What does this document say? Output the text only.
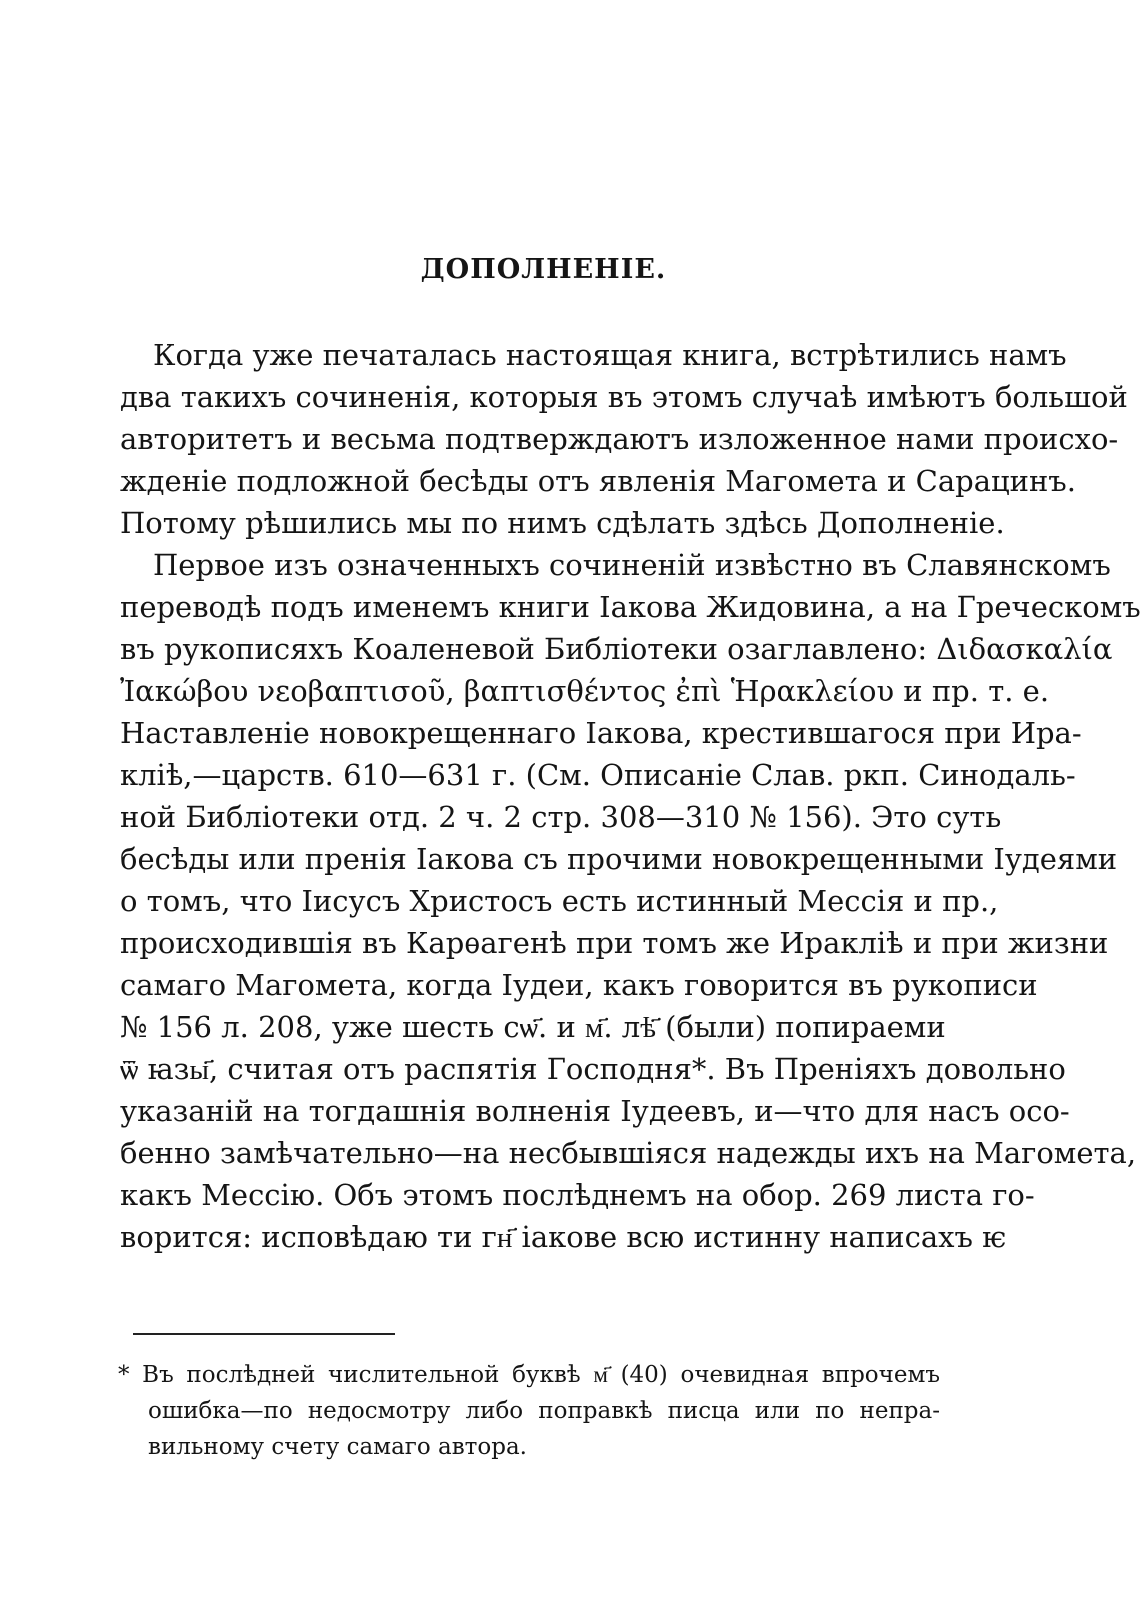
ДОПОЛНЕНІЕ.
Когда уже печаталась настоящая книга, встрѣтились намъ
два такихъ сочиненія, которыя въ этомъ случаѣ имѣютъ большой
авторитетъ и весьма подтверждаютъ изложенное нами происхо-
жденіе подложной бесѣды отъ явленія Магомета и Сарацинъ.
Потому рѣшились мы по нимъ сдѣлать здѣсь Дополненіе.
Первое изъ означенныхъ сочиненій извѣстно въ Славянскомъ
переводѣ подъ именемъ книги Іакова Жидовина, а на Греческомъ
въ рукописяхъ Коаленевой Библіотеки озаглавлено: Διδασκαλία
Ἰακώβου νεοβαπτισοῦ, βαπτισθέντος ἐπὶ Ἡρακλείου и пр. т. е.
Наставленіе новокрещеннаго Іакова, крестившагося при Ира-
клiѣ,—царств. 610—631 г. (См. Описаніе Слав. ркп. Синодаль-
ной Библіотеки отд. 2 ч. 2 стр. 308—310 № 156). Это суть
бесѣды или пренія Іакова съ прочими новокрещенными Іудеями
о томъ, что Іисусъ Христосъ есть истинный Мессія и пр.,
происходившія въ Карѳагенѣ при томъ же Ираклiѣ и при жизни
самаго Магомета, когда Іудеи, какъ говорится въ рукописи
№ 156 л. 208, уже шесть сѡ҃. и м҃. лѣ҃ (были) попираеми
ѿ ꙗзы҃, считая отъ распятія Господня*. Въ Преніяхъ довольно
указаній на тогдашнія волненія Іудеевъ, и—что для насъ осо-
бенно замѣчательно—на несбывшіяся надежды ихъ на Магомета,
какъ Мессію. Объ этомъ послѣднемъ на обор. 269 листа го-
ворится: исповѣдаю ти гн҃ іакове всю истинну написахъ ѥ
* Въ послѣдней числительной буквѣ м҃ (40) очевидная впрочемъ
ошибка—по недосмотру либо поправкѣ писца или по непра-
вильному счету самаго автора.
